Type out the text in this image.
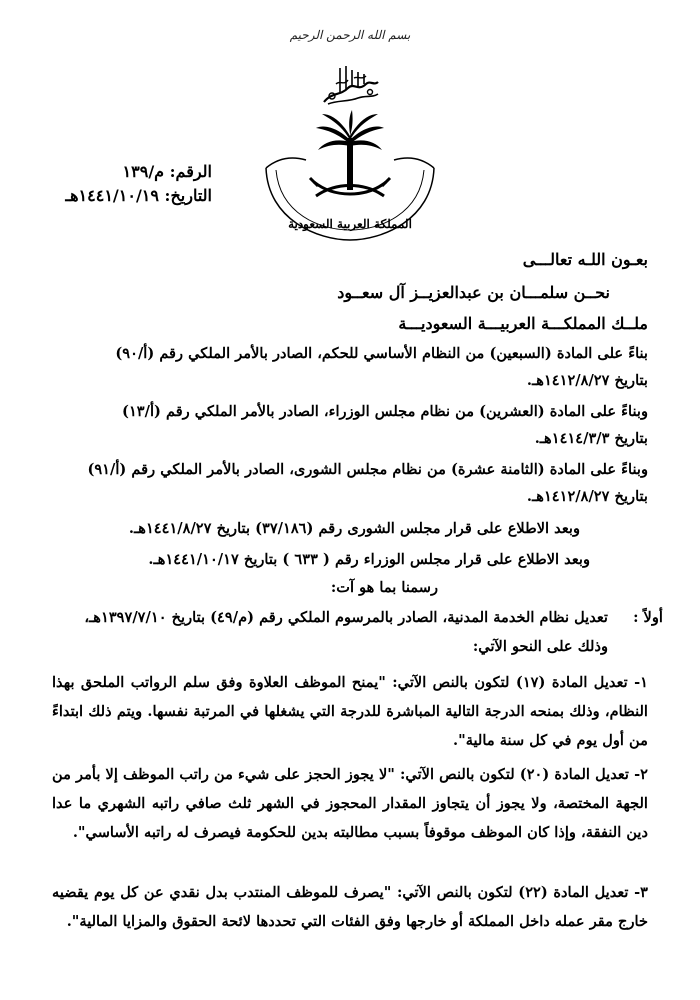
بسم الله الرحمن الرحيم
المملكة العربية السعودية
الرقم: م/١٣٩
التاريخ: ١٤٤١/١٠/١٩هـ
بعـون اللـه تعالـــى
نحــن سلمـــان بن عبدالعزيــز آل سعــود
ملــك المملكـــة العربيـــة السعوديـــة
بناءً على المادة (السبعين) من النظام الأساسي للحكم، الصادر بالأمر الملكي رقم (أ/٩٠)
بتاريخ ١٤١٢/٨/٢٧هـ.
وبناءً على المادة (العشرين) من نظام مجلس الوزراء، الصادر بالأمر الملكي رقم (أ/١٣)
بتاريخ ١٤١٤/٣/٣هـ.
وبناءً على المادة (الثامنة عشرة) من نظام مجلس الشورى، الصادر بالأمر الملكي رقم (أ/٩١)
بتاريخ ١٤١٢/٨/٢٧هـ.
وبعد الاطلاع على قرار مجلس الشورى رقم (٣٧/١٨٦) بتاريخ ١٤٤١/٨/٢٧هـ.
وبعد الاطلاع على قرار مجلس الوزراء رقم ( ٦٣٣ ) بتاريخ ١٤٤١/١٠/١٧هـ.
رسمنا بما هو آت:
أولاً :
تعديل نظام الخدمة المدنية، الصادر بالمرسوم الملكي رقم (م/٤٩) بتاريخ ١٣٩٧/٧/١٠هـ،
وذلك على النحو الآتي:
١- تعديل المادة (١٧) لتكون بالنص الآتي: "يمنح الموظف العلاوة وفق سلم الرواتب الملحق بهذا النظام، وذلك بمنحه الدرجة التالية المباشرة للدرجة التي يشغلها في المرتبة نفسها. ويتم ذلك ابتداءً من أول يوم في كل سنة مالية".
٢- تعديل المادة (٢٠) لتكون بالنص الآتي: "لا يجوز الحجز على شيء من راتب الموظف إلا بأمر من الجهة المختصة، ولا يجوز أن يتجاوز المقدار المحجوز في الشهر ثلث صافي راتبه الشهري ما عدا دين النفقة، وإذا كان الموظف موقوفاً بسبب مطالبته بدين للحكومة فيصرف له راتبه الأساسي".
٣- تعديل المادة (٢٢) لتكون بالنص الآتي: "يصرف للموظف المنتدب بدل نقدي عن كل يوم يقضيه خارج مقر عمله داخل المملكة أو خارجها وفق الفئات التي تحددها لائحة الحقوق والمزايا المالية".
